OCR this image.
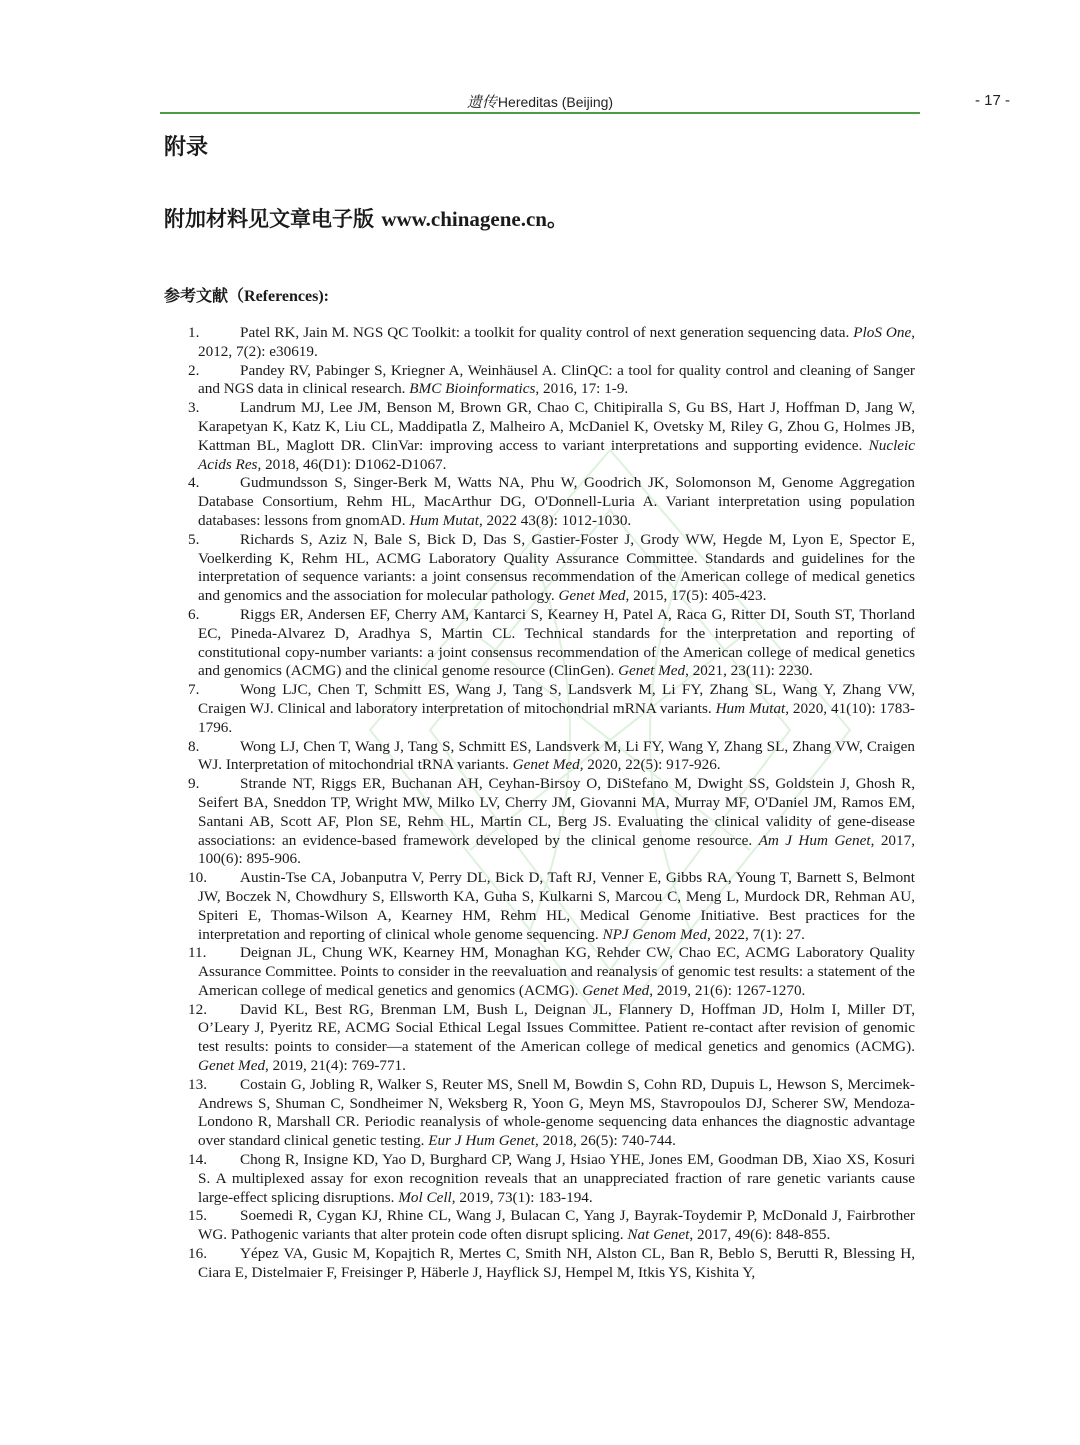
遗传Hereditas (Beijing)	- 17 -
附录
附加材料见文章电子版 www.chinagene.cn。
参考文献（References):
1.	Patel RK, Jain M. NGS QC Toolkit: a toolkit for quality control of next generation sequencing data. PloS One, 2012, 7(2): e30619.
2.	Pandey RV, Pabinger S, Kriegner A, Weinhäusel A. ClinQC: a tool for quality control and cleaning of Sanger and NGS data in clinical research. BMC Bioinformatics, 2016, 17: 1-9.
3.	Landrum MJ, Lee JM, Benson M, Brown GR, Chao C, Chitipiralla S, Gu BS, Hart J, Hoffman D, Jang W, Karapetyan K, Katz K, Liu CL, Maddipatla Z, Malheiro A, McDaniel K, Ovetsky M, Riley G, Zhou G, Holmes JB, Kattman BL, Maglott DR. ClinVar: improving access to variant interpretations and supporting evidence. Nucleic Acids Res, 2018, 46(D1): D1062-D1067.
4.	Gudmundsson S, Singer-Berk M, Watts NA, Phu W, Goodrich JK, Solomonson M, Genome Aggregation Database Consortium, Rehm HL, MacArthur DG, O'Donnell-Luria A. Variant interpretation using population databases: lessons from gnomAD. Hum Mutat, 2022 43(8): 1012-1030.
5.	Richards S, Aziz N, Bale S, Bick D, Das S, Gastier-Foster J, Grody WW, Hegde M, Lyon E, Spector E, Voelkerding K, Rehm HL, ACMG Laboratory Quality Assurance Committee. Standards and guidelines for the interpretation of sequence variants: a joint consensus recommendation of the American college of medical genetics and genomics and the association for molecular pathology. Genet Med, 2015, 17(5): 405-423.
6.	Riggs ER, Andersen EF, Cherry AM, Kantarci S, Kearney H, Patel A, Raca G, Ritter DI, South ST, Thorland EC, Pineda-Alvarez D, Aradhya S, Martin CL. Technical standards for the interpretation and reporting of constitutional copy-number variants: a joint consensus recommendation of the American college of medical genetics and genomics (ACMG) and the clinical genome resource (ClinGen). Genet Med, 2021, 23(11): 2230.
7.	Wong LJC, Chen T, Schmitt ES, Wang J, Tang S, Landsverk M, Li FY, Zhang SL, Wang Y, Zhang VW, Craigen WJ. Clinical and laboratory interpretation of mitochondrial mRNA variants. Hum Mutat, 2020, 41(10): 1783-1796.
8.	Wong LJ, Chen T, Wang J, Tang S, Schmitt ES, Landsverk M, Li FY, Wang Y, Zhang SL, Zhang VW, Craigen WJ. Interpretation of mitochondrial tRNA variants. Genet Med, 2020, 22(5): 917-926.
9.	Strande NT, Riggs ER, Buchanan AH, Ceyhan-Birsoy O, DiStefano M, Dwight SS, Goldstein J, Ghosh R, Seifert BA, Sneddon TP, Wright MW, Milko LV, Cherry JM, Giovanni MA, Murray MF, O'Daniel JM, Ramos EM, Santani AB, Scott AF, Plon SE, Rehm HL, Martin CL, Berg JS. Evaluating the clinical validity of gene-disease associations: an evidence-based framework developed by the clinical genome resource. Am J Hum Genet, 2017, 100(6): 895-906.
10.	Austin-Tse CA, Jobanputra V, Perry DL, Bick D, Taft RJ, Venner E, Gibbs RA, Young T, Barnett S, Belmont JW, Boczek N, Chowdhury S, Ellsworth KA, Guha S, Kulkarni S, Marcou C, Meng L, Murdock DR, Rehman AU, Spiteri E, Thomas-Wilson A, Kearney HM, Rehm HL, Medical Genome Initiative. Best practices for the interpretation and reporting of clinical whole genome sequencing. NPJ Genom Med, 2022, 7(1): 27.
11.	Deignan JL, Chung WK, Kearney HM, Monaghan KG, Rehder CW, Chao EC, ACMG Laboratory Quality Assurance Committee. Points to consider in the reevaluation and reanalysis of genomic test results: a statement of the American college of medical genetics and genomics (ACMG). Genet Med, 2019, 21(6): 1267-1270.
12.	David KL, Best RG, Brenman LM, Bush L, Deignan JL, Flannery D, Hoffman JD, Holm I, Miller DT, O’Leary J, Pyeritz RE, ACMG Social Ethical Legal Issues Committee. Patient re-contact after revision of genomic test results: points to consider—a statement of the American college of medical genetics and genomics (ACMG). Genet Med, 2019, 21(4): 769-771.
13.	Costain G, Jobling R, Walker S, Reuter MS, Snell M, Bowdin S, Cohn RD, Dupuis L, Hewson S, Mercimek-Andrews S, Shuman C, Sondheimer N, Weksberg R, Yoon G, Meyn MS, Stavropoulos DJ, Scherer SW, Mendoza-Londono R, Marshall CR. Periodic reanalysis of whole-genome sequencing data enhances the diagnostic advantage over standard clinical genetic testing. Eur J Hum Genet, 2018, 26(5): 740-744.
14.	Chong R, Insigne KD, Yao D, Burghard CP, Wang J, Hsiao YHE, Jones EM, Goodman DB, Xiao XS, Kosuri S. A multiplexed assay for exon recognition reveals that an unappreciated fraction of rare genetic variants cause large-effect splicing disruptions. Mol Cell, 2019, 73(1): 183-194.
15.	Soemedi R, Cygan KJ, Rhine CL, Wang J, Bulacan C, Yang J, Bayrak-Toydemir P, McDonald J, Fairbrother WG. Pathogenic variants that alter protein code often disrupt splicing. Nat Genet, 2017, 49(6): 848-855.
16.	Yépez VA, Gusic M, Kopajtich R, Mertes C, Smith NH, Alston CL, Ban R, Beblo S, Berutti R, Blessing H, Ciara E, Distelmaier F, Freisinger P, Häberle J, Hayflick SJ, Hempel M, Itkis YS, Kishita Y,
